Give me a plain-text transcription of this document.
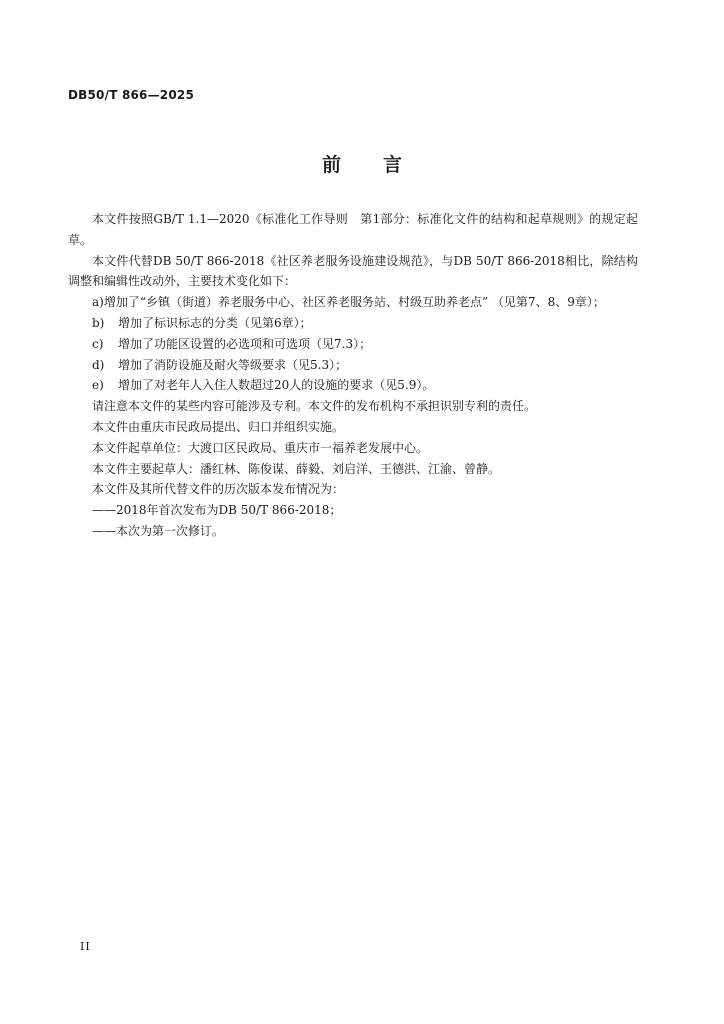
DB50/T 866—2025
前 言

本文件按照GB/T 1.1—2020《标准化工作导则　第1部分：标准化文件的结构和起草规则》的规定起草。

本文件代替DB 50/T 866-2018《社区养老服务设施建设规范》，与DB 50/T 866-2018相比，除结构调整和编辑性改动外，主要技术变化如下：

a)增加了“乡镇（街道）养老服务中心、社区养老服务站、村级互助养老点” （见第7、8、9章）；

b) 增加了标识标志的分类（见第6章）；

c) 增加了功能区设置的必选项和可选项（见7.3）；

d) 增加了消防设施及耐火等级要求（见5.3）；

e) 增加了对老年人入住人数超过20人的设施的要求（见5.9）。

请注意本文件的某些内容可能涉及专利。本文件的发布机构不承担识别专利的责任。

本文件由重庆市民政局提出、归口并组织实施。

本文件起草单位：大渡口区民政局、重庆市一福养老发展中心。

本文件主要起草人：潘红林、陈俊谋、薛毅、刘启洋、王德洪、江渝、曾静。

本文件及其所代替文件的历次版本发布情况为：

——2018年首次发布为DB 50/T 866-2018；

——本次为第一次修订。

II
